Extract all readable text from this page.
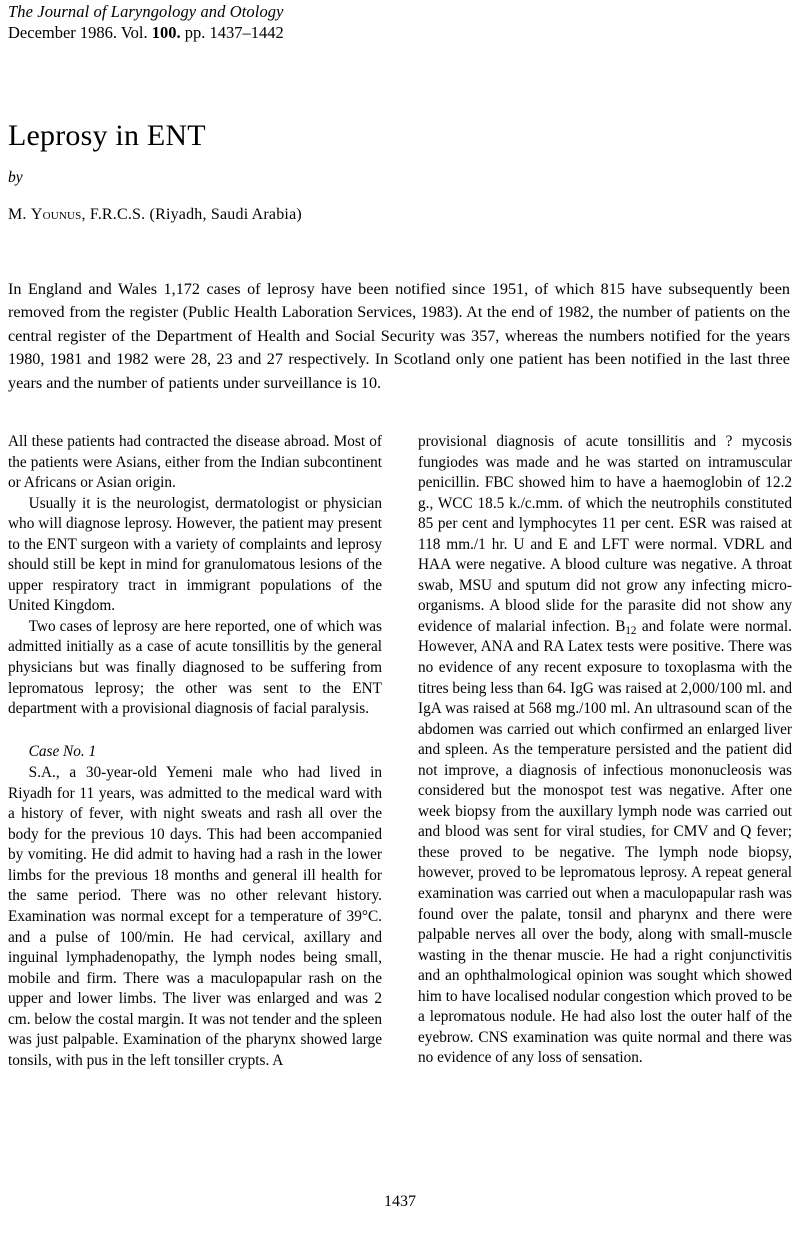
The Journal of Laryngology and Otology
December 1986. Vol. 100. pp. 1437–1442
Leprosy in ENT
by
M. Younus, F.R.C.S. (Riyadh, Saudi Arabia)
In England and Wales 1,172 cases of leprosy have been notified since 1951, of which 815 have subsequently been removed from the register (Public Health Laboration Services, 1983). At the end of 1982, the number of patients on the central register of the Department of Health and Social Security was 357, whereas the numbers notified for the years 1980, 1981 and 1982 were 28, 23 and 27 respectively. In Scotland only one patient has been notified in the last three years and the number of patients under surveillance is 10.

All these patients had contracted the disease abroad. Most of the patients were Asians, either from the Indian subcontinent or Africans or Asian origin.

Usually it is the neurologist, dermatologist or physician who will diagnose leprosy. However, the patient may present to the ENT surgeon with a variety of complaints and leprosy should still be kept in mind for granulomatous lesions of the upper respiratory tract in immigrant populations of the United Kingdom.

Two cases of leprosy are here reported, one of which was admitted initially as a case of acute tonsillitis by the general physicians but was finally diagnosed to be suffering from lepromatous leprosy; the other was sent to the ENT department with a provisional diagnosis of facial paralysis.

Case No. 1

S.A., a 30-year-old Yemeni male who had lived in Riyadh for 11 years, was admitted to the medical ward with a history of fever, with night sweats and rash all over the body for the previous 10 days. This had been accompanied by vomiting. He did admit to having had a rash in the lower limbs for the previous 18 months and general ill health for the same period. There was no other relevant history. Examination was normal except for a temperature of 39°C. and a pulse of 100/min. He had cervical, axillary and inguinal lymphadenopathy, the lymph nodes being small, mobile and firm. There was a maculopapular rash on the upper and lower limbs. The liver was enlarged and was 2 cm. below the costal margin. It was not tender and the spleen was just palpable. Examination of the pharynx showed large tonsils, with pus in the left tonsiller crypts. A

provisional diagnosis of acute tonsillitis and ? mycosis fungiodes was made and he was started on intramuscular penicillin. FBC showed him to have a haemoglobin of 12.2 g., WCC 18.5 k./c.mm. of which the neutrophils constituted 85 per cent and lymphocytes 11 per cent. ESR was raised at 118 mm./1 hr. U and E and LFT were normal. VDRL and HAA were negative. A blood culture was negative. A throat swab, MSU and sputum did not grow any infecting micro-organisms. A blood slide for the parasite did not show any evidence of malarial infection. $B_{12}$ and folate were normal. However, ANA and RA Latex tests were positive. There was no evidence of any recent exposure to toxoplasma with the titres being less than 64. IgG was raised at 2,000/100 ml. and IgA was raised at 568 mg./100 ml. An ultrasound scan of the abdomen was carried out which confirmed an enlarged liver and spleen. As the temperature persisted and the patient did not improve, a diagnosis of infectious mononucleosis was considered but the monospot test was negative. After one week biopsy from the auxillary lymph node was carried out and blood was sent for viral studies, for CMV and Q fever; these proved to be negative. The lymph node biopsy, however, proved to be lepromatous leprosy. A repeat general examination was carried out when a maculopapular rash was found over the palate, tonsil and pharynx and there were palpable nerves all over the body, along with small-muscle wasting in the thenar muscie. He had a right conjunctivitis and an ophthalmological opinion was sought which showed him to have localised nodular congestion which proved to be a lepromatous nodule. He had also lost the outer half of the eyebrow. CNS examination was quite normal and there was no evidence of any loss of sensation.

1437
